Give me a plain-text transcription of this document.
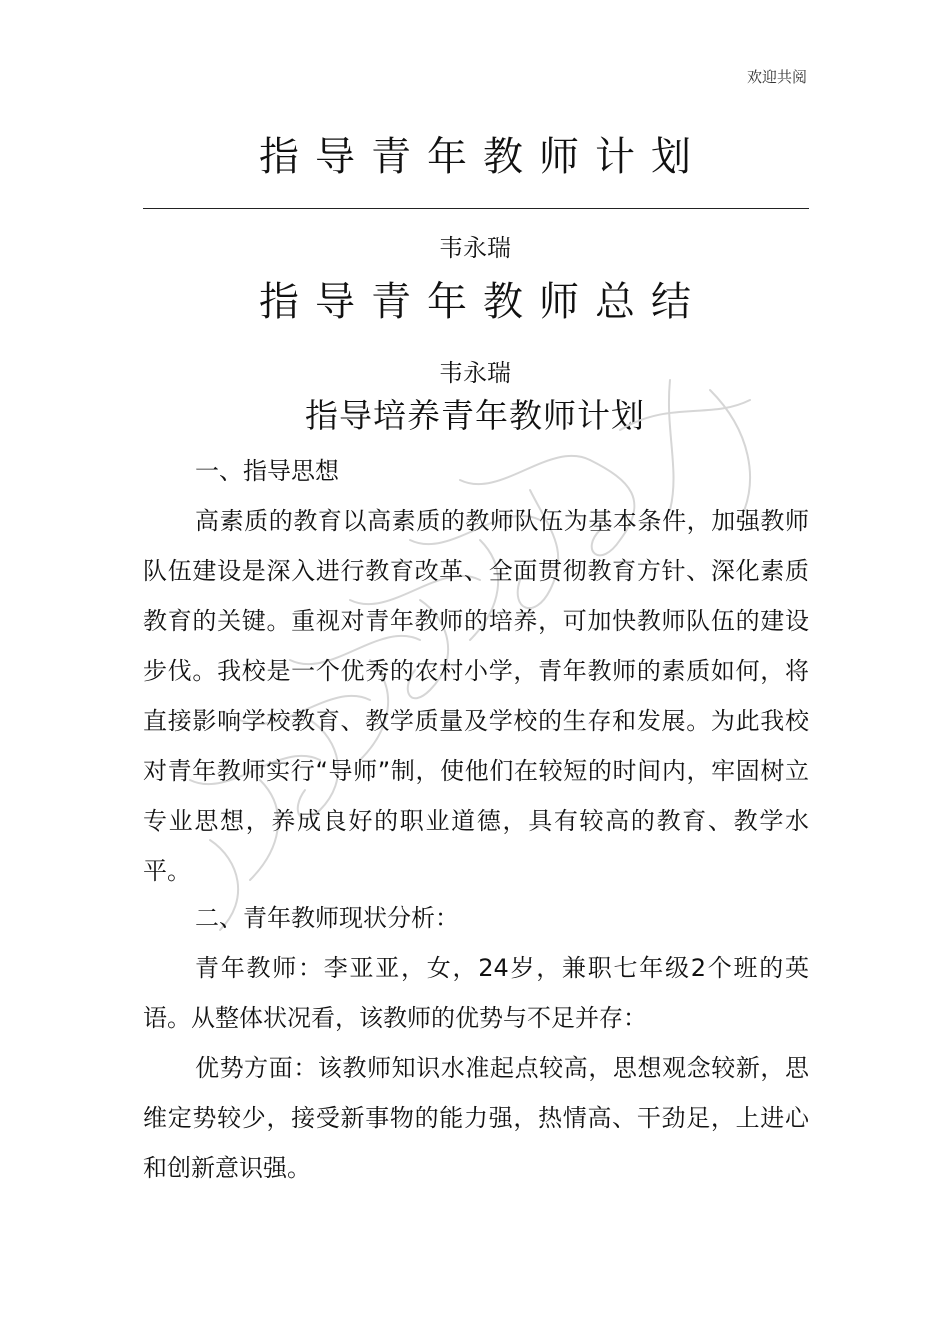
欢迎共阅
指导青年教师计划
韦永瑞
指导青年教师总结
韦永瑞
指导培养青年教师计划
一、指导思想
高素质的教育以高素质的教师队伍为基本条件，加强教师队伍建设是深入进行教育改革、全面贯彻教育方针、深化素质教育的关键。重视对青年教师的培养，可加快教师队伍的建设步伐。我校是一个优秀的农村小学，青年教师的素质如何，将直接影响学校教育、教学质量及学校的生存和发展。为此我校对青年教师实行“导师”制，使他们在较短的时间内，牢固树立专业思想，养成良好的职业道德，具有较高的教育、教学水平。
二、青年教师现状分析：
青年教师：李亚亚，女，24岁，兼职七年级2个班的英语。从整体状况看，该教师的优势与不足并存：
优势方面：该教师知识水准起点较高，思想观念较新，思维定势较少，接受新事物的能力强，热情高、干劲足，上进心和创新意识强。
